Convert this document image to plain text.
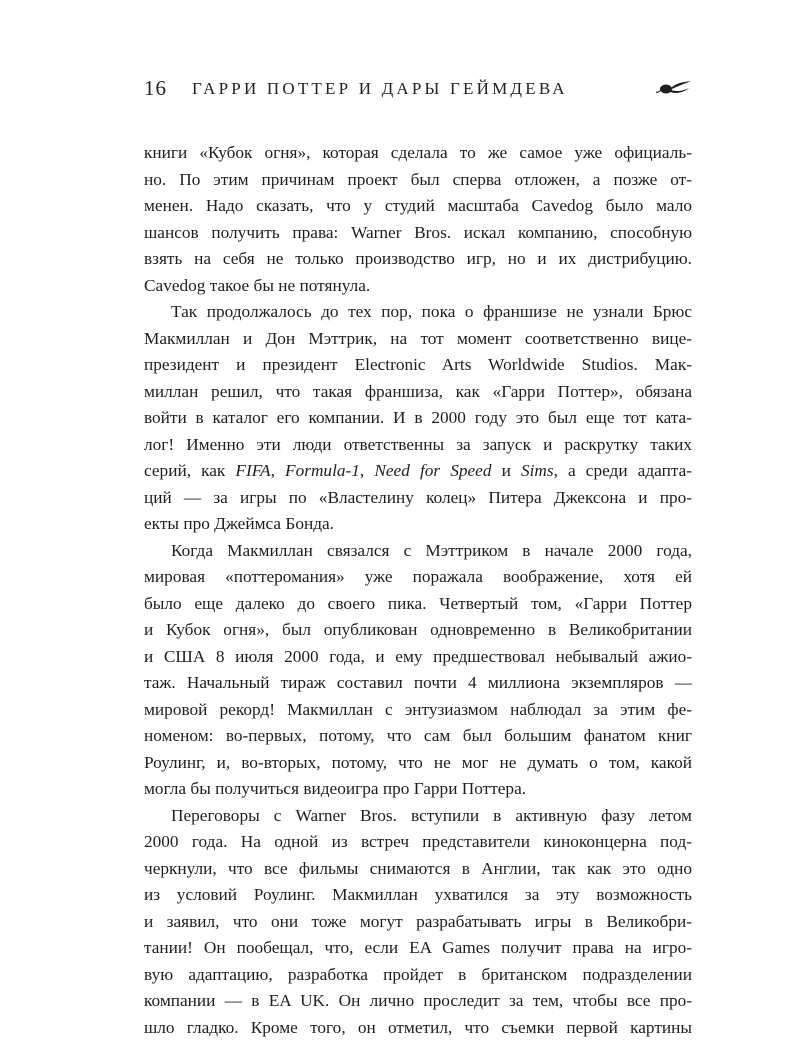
16 ГАРРИ ПОТТЕР И ДАРЫ ГЕЙМДЕВА
книги «Кубок огня», которая сделала то же самое уже официаль-
но. По этим причинам проект был сперва отложен, а позже от-
менен. Надо сказать, что у студий масштаба Cavedog было мало
шансов получить права: Warner Bros. искал компанию, способную
взять на себя не только производство игр, но и их дистрибуцию.
Cavedog такое бы не потянула.
Так продолжалось до тех пор, пока о франшизе не узнали Брюс
Макмиллан и Дон Мэттрик, на тот момент соответственно вице-
президент и президент Electronic Arts Worldwide Studios. Мак-
миллан решил, что такая франшиза, как «Гарри Поттер», обязана
войти в каталог его компании. И в 2000 году это был еще тот ката-
лог! Именно эти люди ответственны за запуск и раскрутку таких
серий, как FIFA, Formula-1, Need for Speed и Sims, а среди адапта-
ций — за игры по «Властелину колец» Питера Джексона и про-
екты про Джеймса Бонда.
Когда Макмиллан связался с Мэттриком в начале 2000 года,
мировая «поттеромания» уже поражала воображение, хотя ей
было еще далеко до своего пика. Четвертый том, «Гарри Поттер
и Кубок огня», был опубликован одновременно в Великобритании
и США 8 июля 2000 года, и ему предшествовал небывалый ажио-
таж. Начальный тираж составил почти 4 миллиона экземпляров —
мировой рекорд! Макмиллан с энтузиазмом наблюдал за этим фе-
номеном: во-первых, потому, что сам был большим фанатом книг
Роулинг, и, во-вторых, потому, что не мог не думать о том, какой
могла бы получиться видеоигра про Гарри Поттера.
Переговоры с Warner Bros. вступили в активную фазу летом
2000 года. На одной из встреч представители киноконцерна под-
черкнули, что все фильмы снимаются в Англии, так как это одно
из условий Роулинг. Макмиллан ухватился за эту возможность
и заявил, что они тоже могут разрабатывать игры в Великобри-
тании! Он пообещал, что, если EA Games получит права на игро-
вую адаптацию, разработка пройдет в британском подразделении
компании — в EA UK. Он лично проследит за тем, чтобы все про-
шло гладко. Кроме того, он отметил, что съемки первой картины
